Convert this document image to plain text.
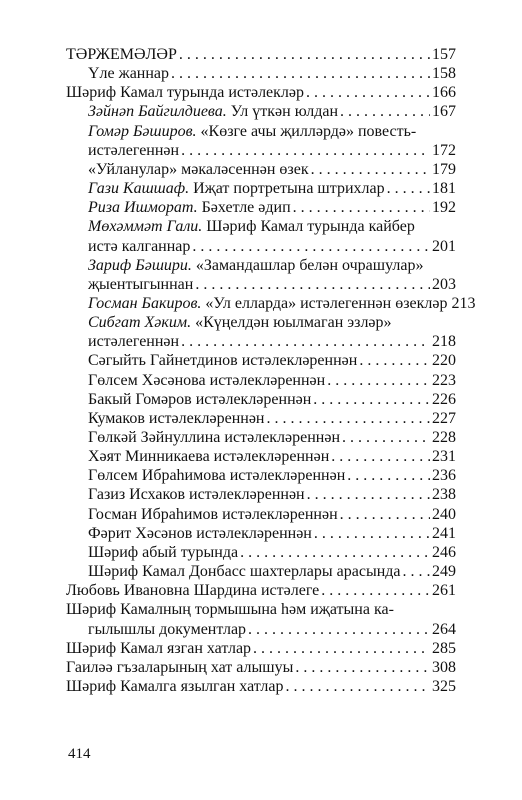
ТӘРЖЕМӘЛӘР . . .	157
Үле жаннар . . .	158
Шәриф Камал турында истәлекләр . . .	166
Зәйнәп Байгилдиева. Ул үткән юлдан . . .	167
Гомәр Бәширов. «Көзге ачы җилләрдә» повесть-
истәлегеннән . . .	172
«Уйланулар» мәкаләсеннән өзек . . .	179
Гази Кашшаф. Иҗат портретына штрихлар . . .	181
Риза Ишморат. Бәхетле әдип . . .	192
Мөхәммәт Гали. Шәриф Камал турында кайбер
истә калганнар . . .	201
Зариф Бәшири. «Замандашлар белән очрашулар»
җыентыгыннан . . .	203
Госман Бакиров. «Ул елларда» истәлегеннән өзекләр 213
Сибгат Хәким. «Күңелдән юылмаган эзләр»
истәлегеннән . . .	218
Сәгыйть Гайнетдинов истәлекләреннән . . .	220
Гөлсем Хәсәнова истәлекләреннән . . .	223
Бакый Гомәров истәлекләреннән . . .	226
Кумаков истәлекләреннән . . .	227
Гөлкәй Зәйнуллина истәлекләреннән . . .	228
Хәят Минникаева истәлекләреннән . . .	231
Гөлсем Ибраһимова истәлекләреннән . . .	236
Газиз Исхаков истәлекләреннән . . .	238
Госман Ибраһимов истәлекләреннән . . .	240
Фәрит Хәсәнов истәлекләреннән . . .	241
Шәриф абый турында . . .	246
Шәриф Камал Донбасс шахтерлары арасында . . . 249
Любовь Ивановна Шардина истәлеге . . .	261
Шәриф Камалның тормышына һәм иҗатына ка-
гылышлы документлар . . .	264
Шәриф Камал язган хатлар . . .	285
Гаиләә гъзаларының хат алышуы . . .	308
Шәриф Камалга язылган хатлар . . .	325
414
